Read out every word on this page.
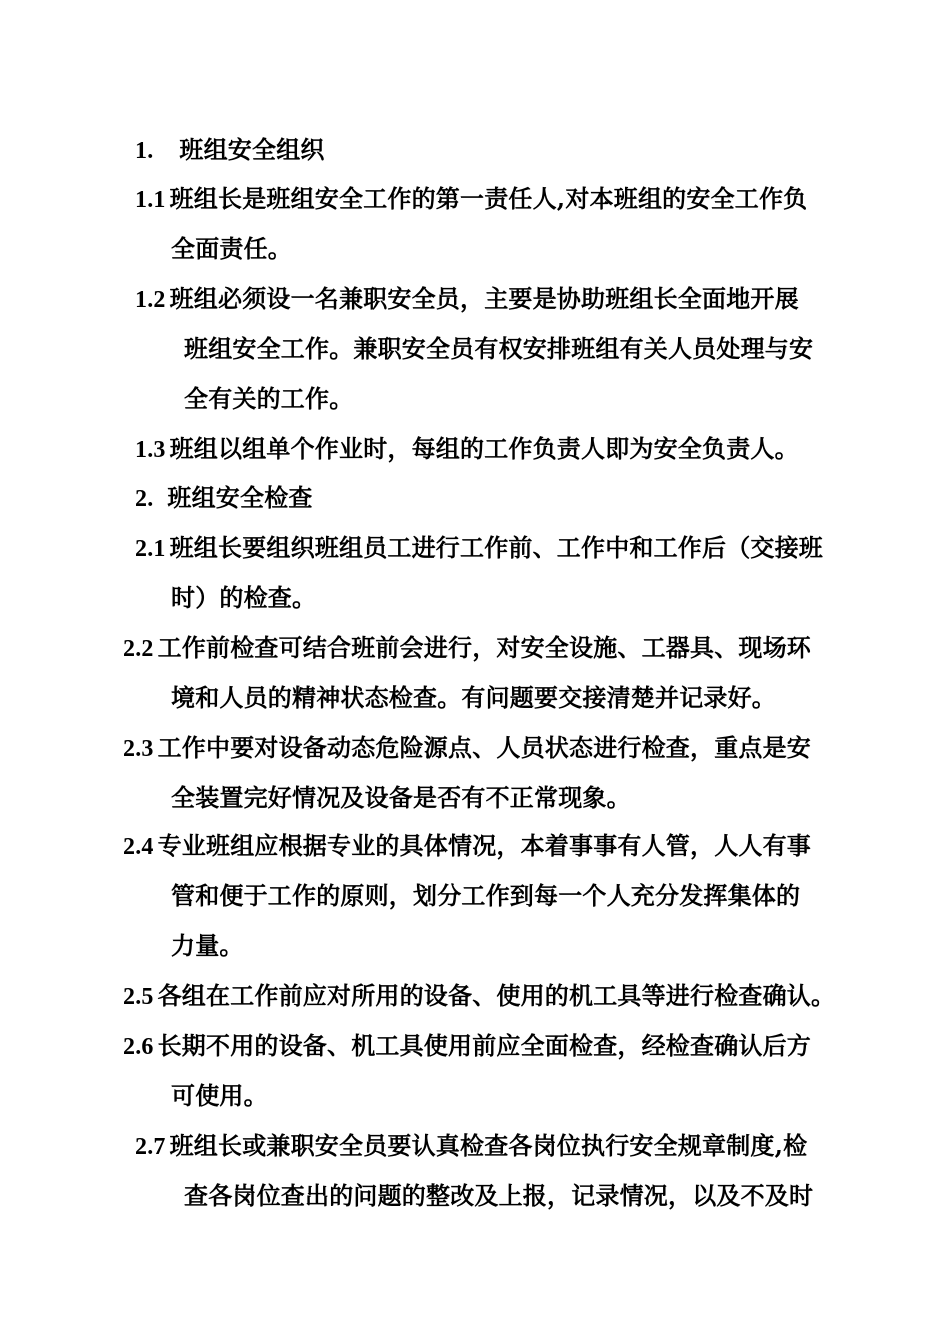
1. 班组安全组织
1.1 班组长是班组安全工作的第一责任人,对本班组的安全工作负
全面责任。
1.2 班组必须设一名兼职安全员，主要是协助班组长全面地开展
班组安全工作。兼职安全员有权安排班组有关人员处理与安
全有关的工作。
1.3 班组以组单个作业时，每组的工作负责人即为安全负责人。
2. 班组安全检查
2.1 班组长要组织班组员工进行工作前、工作中和工作后（交接班
时）的检查。
2.2 工作前检查可结合班前会进行，对安全设施、工器具、现场环
境和人员的精神状态检查。有问题要交接清楚并记录好。
2.3 工作中要对设备动态危险源点、人员状态进行检查，重点是安
全装置完好情况及设备是否有不正常现象。
2.4 专业班组应根据专业的具体情况，本着事事有人管，人人有事
管和便于工作的原则，划分工作到每一个人充分发挥集体的
力量。
2.5 各组在工作前应对所用的设备、使用的机工具等进行检查确认。
2.6 长期不用的设备、机工具使用前应全面检查，经检查确认后方
可使用。
2.7 班组长或兼职安全员要认真检查各岗位执行安全规章制度,检
查各岗位查出的问题的整改及上报，记录情况，以及不及时
